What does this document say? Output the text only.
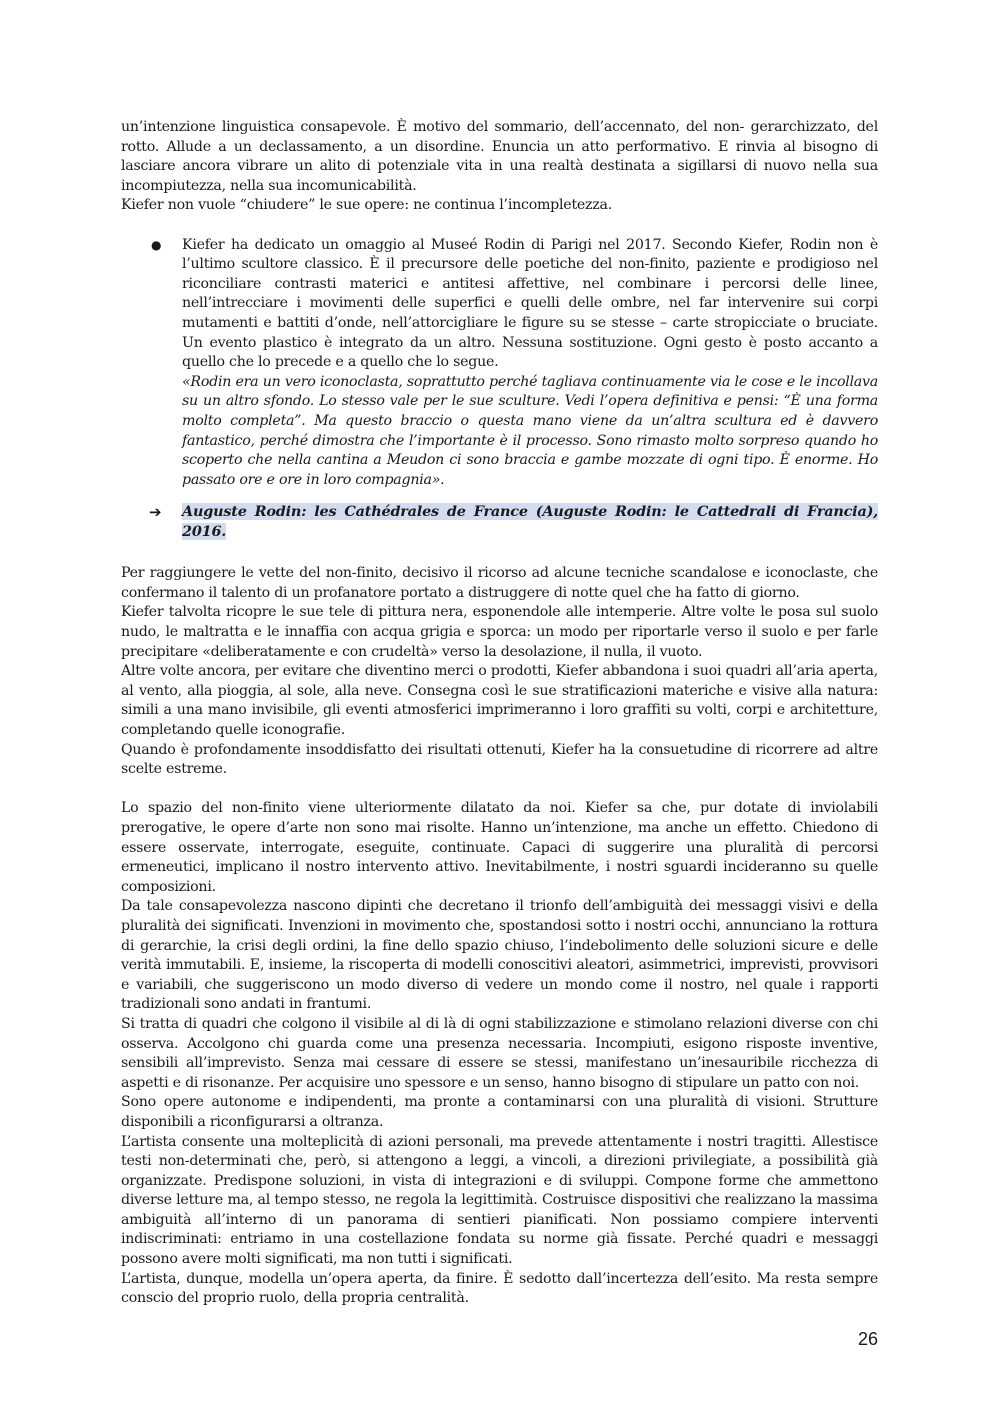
un’intenzione linguistica consapevole. È motivo del sommario, dell’accennato, del non- gerarchizzato, del rotto. Allude a un declassamento, a un disordine. Enuncia un atto performativo. E rinvia al bisogno di lasciare ancora vibrare un alito di potenziale vita in una realtà destinata a sigillarsi di nuovo nella sua incompiutezza, nella sua incomunicabilità.

Kiefer non vuole “chiudere” le sue opere: ne continua l’incompletezza.

● Kiefer ha dedicato un omaggio al Museé Rodin di Parigi nel 2017. Secondo Kiefer, Rodin non è l’ultimo scultore classico. È il precursore delle poetiche del non-finito, paziente e prodigioso nel riconciliare contrasti materici e antitesi affettive, nel combinare i percorsi delle linee, nell’intrecciare i movimenti delle superfici e quelli delle ombre, nel far intervenire sui corpi mutamenti e battiti d’onde, nell’attorcigliare le figure su se stesse – carte stropicciate o bruciate. Un evento plastico è integrato da un altro. Nessuna sostituzione. Ogni gesto è posto accanto a quello che lo precede e a quello che lo segue.

«Rodin era un vero iconoclasta, soprattutto perché tagliava continuamente via le cose e le incollava su un altro sfondo. Lo stesso vale per le sue sculture. Vedi l’opera definitiva e pensi: “È una forma molto completa”. Ma questo braccio o questa mano viene da un’altra scultura ed è davvero fantastico, perché dimostra che l’importante è il processo. Sono rimasto molto sorpreso quando ho scoperto che nella cantina a Meudon ci sono braccia e gambe mozzate di ogni tipo. È enorme. Ho passato ore e ore in loro compagnia».

➔ Auguste Rodin: les Cathédrales de France (Auguste Rodin: le Cattedrali di Francia), 2016.

Per raggiungere le vette del non-finito, decisivo il ricorso ad alcune tecniche scandalose e iconoclaste, che confermano il talento di un profanatore portato a distruggere di notte quel che ha fatto di giorno.

Kiefer talvolta ricopre le sue tele di pittura nera, esponendole alle intemperie. Altre volte le posa sul suolo nudo, le maltratta e le innaffia con acqua grigia e sporca: un modo per riportarle verso il suolo e per farle precipitare «deliberatamente e con crudeltà» verso la desolazione, il nulla, il vuoto.

Altre volte ancora, per evitare che diventino merci o prodotti, Kiefer abbandona i suoi quadri all’aria aperta, al vento, alla pioggia, al sole, alla neve. Consegna così le sue stratificazioni materiche e visive alla natura: simili a una mano invisibile, gli eventi atmosferici imprimeranno i loro graffiti su volti, corpi e architetture, completando quelle iconografie.

Quando è profondamente insoddisfatto dei risultati ottenuti, Kiefer ha la consuetudine di ricorrere ad altre scelte estreme.

Lo spazio del non-finito viene ulteriormente dilatato da noi. Kiefer sa che, pur dotate di inviolabili prerogative, le opere d’arte non sono mai risolte. Hanno un’intenzione, ma anche un effetto. Chiedono di essere osservate, interrogate, eseguite, continuate. Capaci di suggerire una pluralità di percorsi ermeneutici, implicano il nostro intervento attivo. Inevitabilmente, i nostri sguardi incideranno su quelle composizioni.

Da tale consapevolezza nascono dipinti che decretano il trionfo dell’ambiguità dei messaggi visivi e della pluralità dei significati. Invenzioni in movimento che, spostandosi sotto i nostri occhi, annunciano la rottura di gerarchie, la crisi degli ordini, la fine dello spazio chiuso, l’indebolimento delle soluzioni sicure e delle verità immutabili. E, insieme, la riscoperta di modelli conoscitivi aleatori, asimmetrici, imprevisti, provvisori e variabili, che suggeriscono un modo diverso di vedere un mondo come il nostro, nel quale i rapporti tradizionali sono andati in frantumi.

Si tratta di quadri che colgono il visibile al di là di ogni stabilizzazione e stimolano relazioni diverse con chi osserva. Accolgono chi guarda come una presenza necessaria. Incompiuti, esigono risposte inventive, sensibili all’imprevisto. Senza mai cessare di essere se stessi, manifestano un’inesauribile ricchezza di aspetti e di risonanze. Per acquisire uno spessore e un senso, hanno bisogno di stipulare un patto con noi.

Sono opere autonome e indipendenti, ma pronte a contaminarsi con una pluralità di visioni. Strutture disponibili a riconfigurarsi a oltranza.

L’artista consente una molteplicità di azioni personali, ma prevede attentamente i nostri tragitti. Allestisce testi non-determinati che, però, si attengono a leggi, a vincoli, a direzioni privilegiate, a possibilità già organizzate. Predispone soluzioni, in vista di integrazioni e di sviluppi. Compone forme che ammettono diverse letture ma, al tempo stesso, ne regola la legittimità. Costruisce dispositivi che realizzano la massima ambiguità all’interno di un panorama di sentieri pianificati. Non possiamo compiere interventi indiscriminati: entriamo in una costellazione fondata su norme già fissate. Perché quadri e messaggi possono avere molti significati, ma non tutti i significati.

L’artista, dunque, modella un’opera aperta, da finire. È sedotto dall’incertezza dell’esito. Ma resta sempre conscio del proprio ruolo, della propria centralità.

26
